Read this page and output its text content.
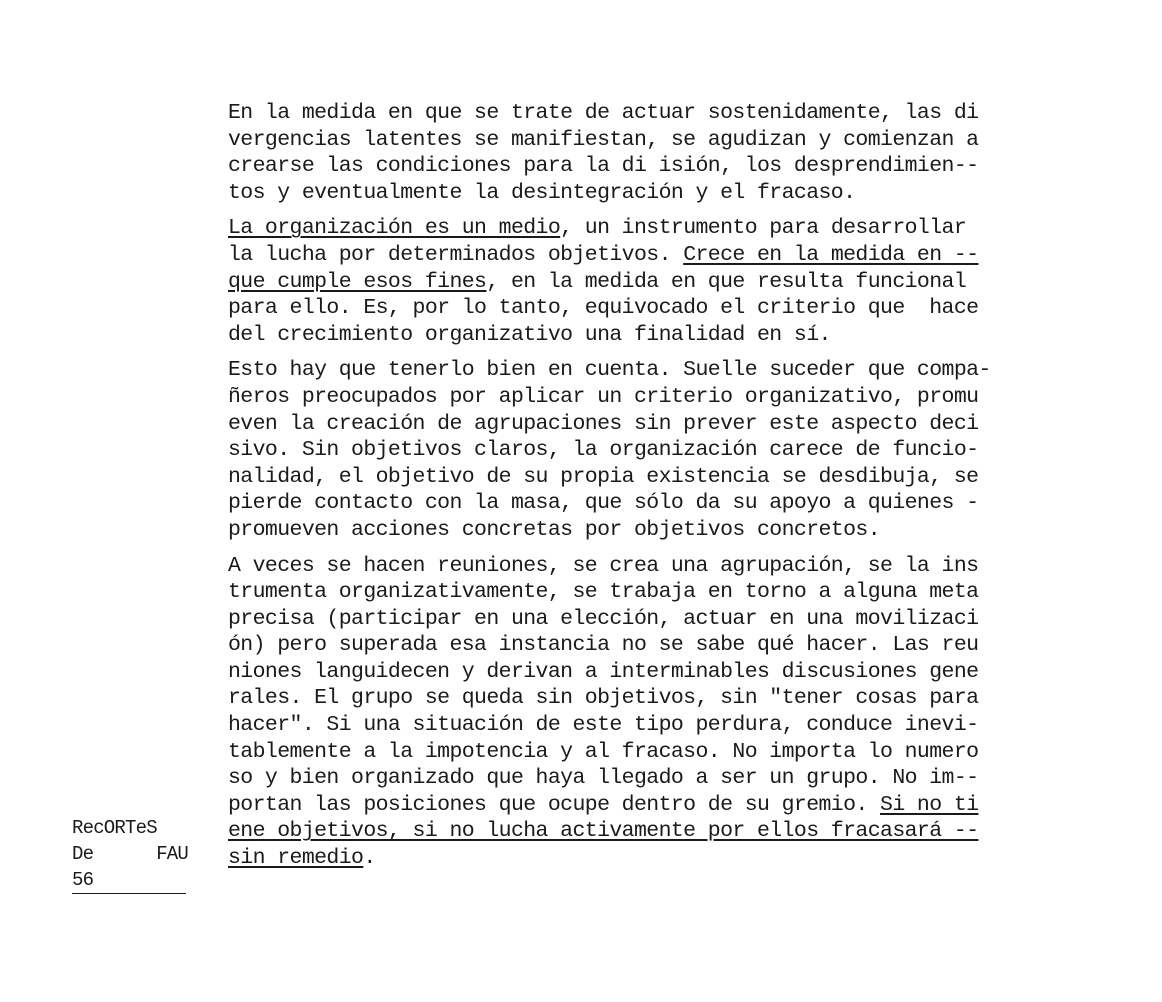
En la medida en que se trate de actuar sostenidamente, las di
vergencias latentes se manifiestan, se agudizan y comienzan a
crearse las condiciones para la di isión, los desprendimien--
tos y eventualmente la desintegración y el fracaso.
La organización es un medio, un instrumento para desarrollar
la lucha por determinados objetivos. Crece en la medida en --
que cumple esos fines, en la medida en que resulta funcional
para ello. Es, por lo tanto, equivocado el criterio que  hace
del crecimiento organizativo una finalidad en sí.
Esto hay que tenerlo bien en cuenta. Suelle suceder que compa-
ñeros preocupados por aplicar un criterio organizativo, promu
even la creación de agrupaciones sin prever este aspecto deci
sivo. Sin objetivos claros, la organización carece de funcio-
nalidad, el objetivo de su propia existencia se desdibuja, se
pierde contacto con la masa, que sólo da su apoyo a quienes -
promueven acciones concretas por objetivos concretos.
A veces se hacen reuniones, se crea una agrupación, se la ins
trumenta organizativamente, se trabaja en torno a alguna meta
precisa (participar en una elección, actuar en una movilizaci
ón) pero superada esa instancia no se sabe qué hacer. Las reu
niones languidecen y derivan a interminables discusiones gene
rales. El grupo se queda sin objetivos, sin "tener cosas para
hacer". Si una situación de este tipo perdura, conduce inevi-
tablemente a la impotencia y al fracaso. No importa lo numero
so y bien organizado que haya llegado a ser un grupo. No im--
portan las posiciones que ocupe dentro de su gremio. Si no ti
ene objetivos, si no lucha activamente por ellos fracasará --
sin remedio.
RecORTeS
De	FAU
56
